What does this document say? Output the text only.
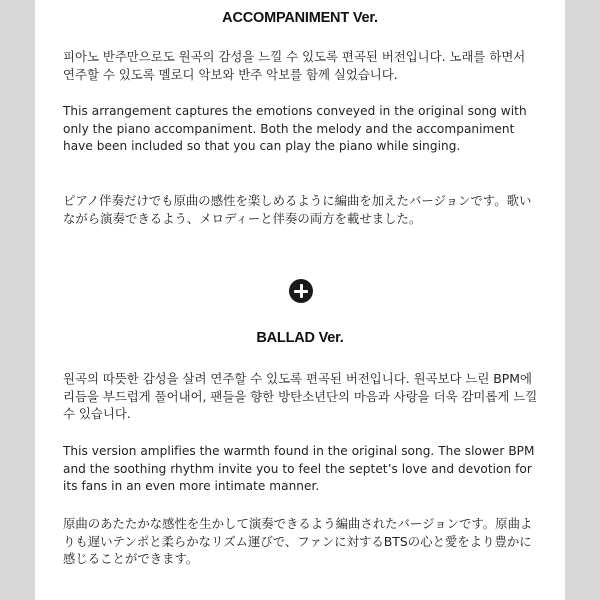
ACCOMPANIMENT Ver.

피아노 반주만으로도 원곡의 감성을 느낄 수 있도록 편곡된 버전입니다. 노래를 하면서 연주할 수 있도록 멜로디 악보와 반주 악보를 함께 실었습니다.

This arrangement captures the emotions conveyed in the original song with only the piano accompaniment. Both the melody and the accompaniment have been included so that you can play the piano while singing.

ピアノ伴奏だけでも原曲の感性を楽しめるように編曲を加えたバージョンです。歌いながら演奏できるよう、メロディーと伴奏の両方を載せました。

BALLAD Ver.

원곡의 따뜻한 감성을 살려 연주할 수 있도록 편곡된 버전입니다. 원곡보다 느린 BPM에 리듬을 부드럽게 풀어내어, 팬들을 향한 방탄소년단의 마음과 사랑을 더욱 감미롭게 느낄 수 있습니다.

This version amplifies the warmth found in the original song. The slower BPM and the soothing rhythm invite you to feel the septet’s love and devotion for its fans in an even more intimate manner.

原曲のあたたかな感性を生かして演奏できるよう編曲されたバージョンです。原曲よりも遅いテンポと柔らかなリズム運びで、ファンに対するBTSの心と愛をより豊かに感じることができます。
